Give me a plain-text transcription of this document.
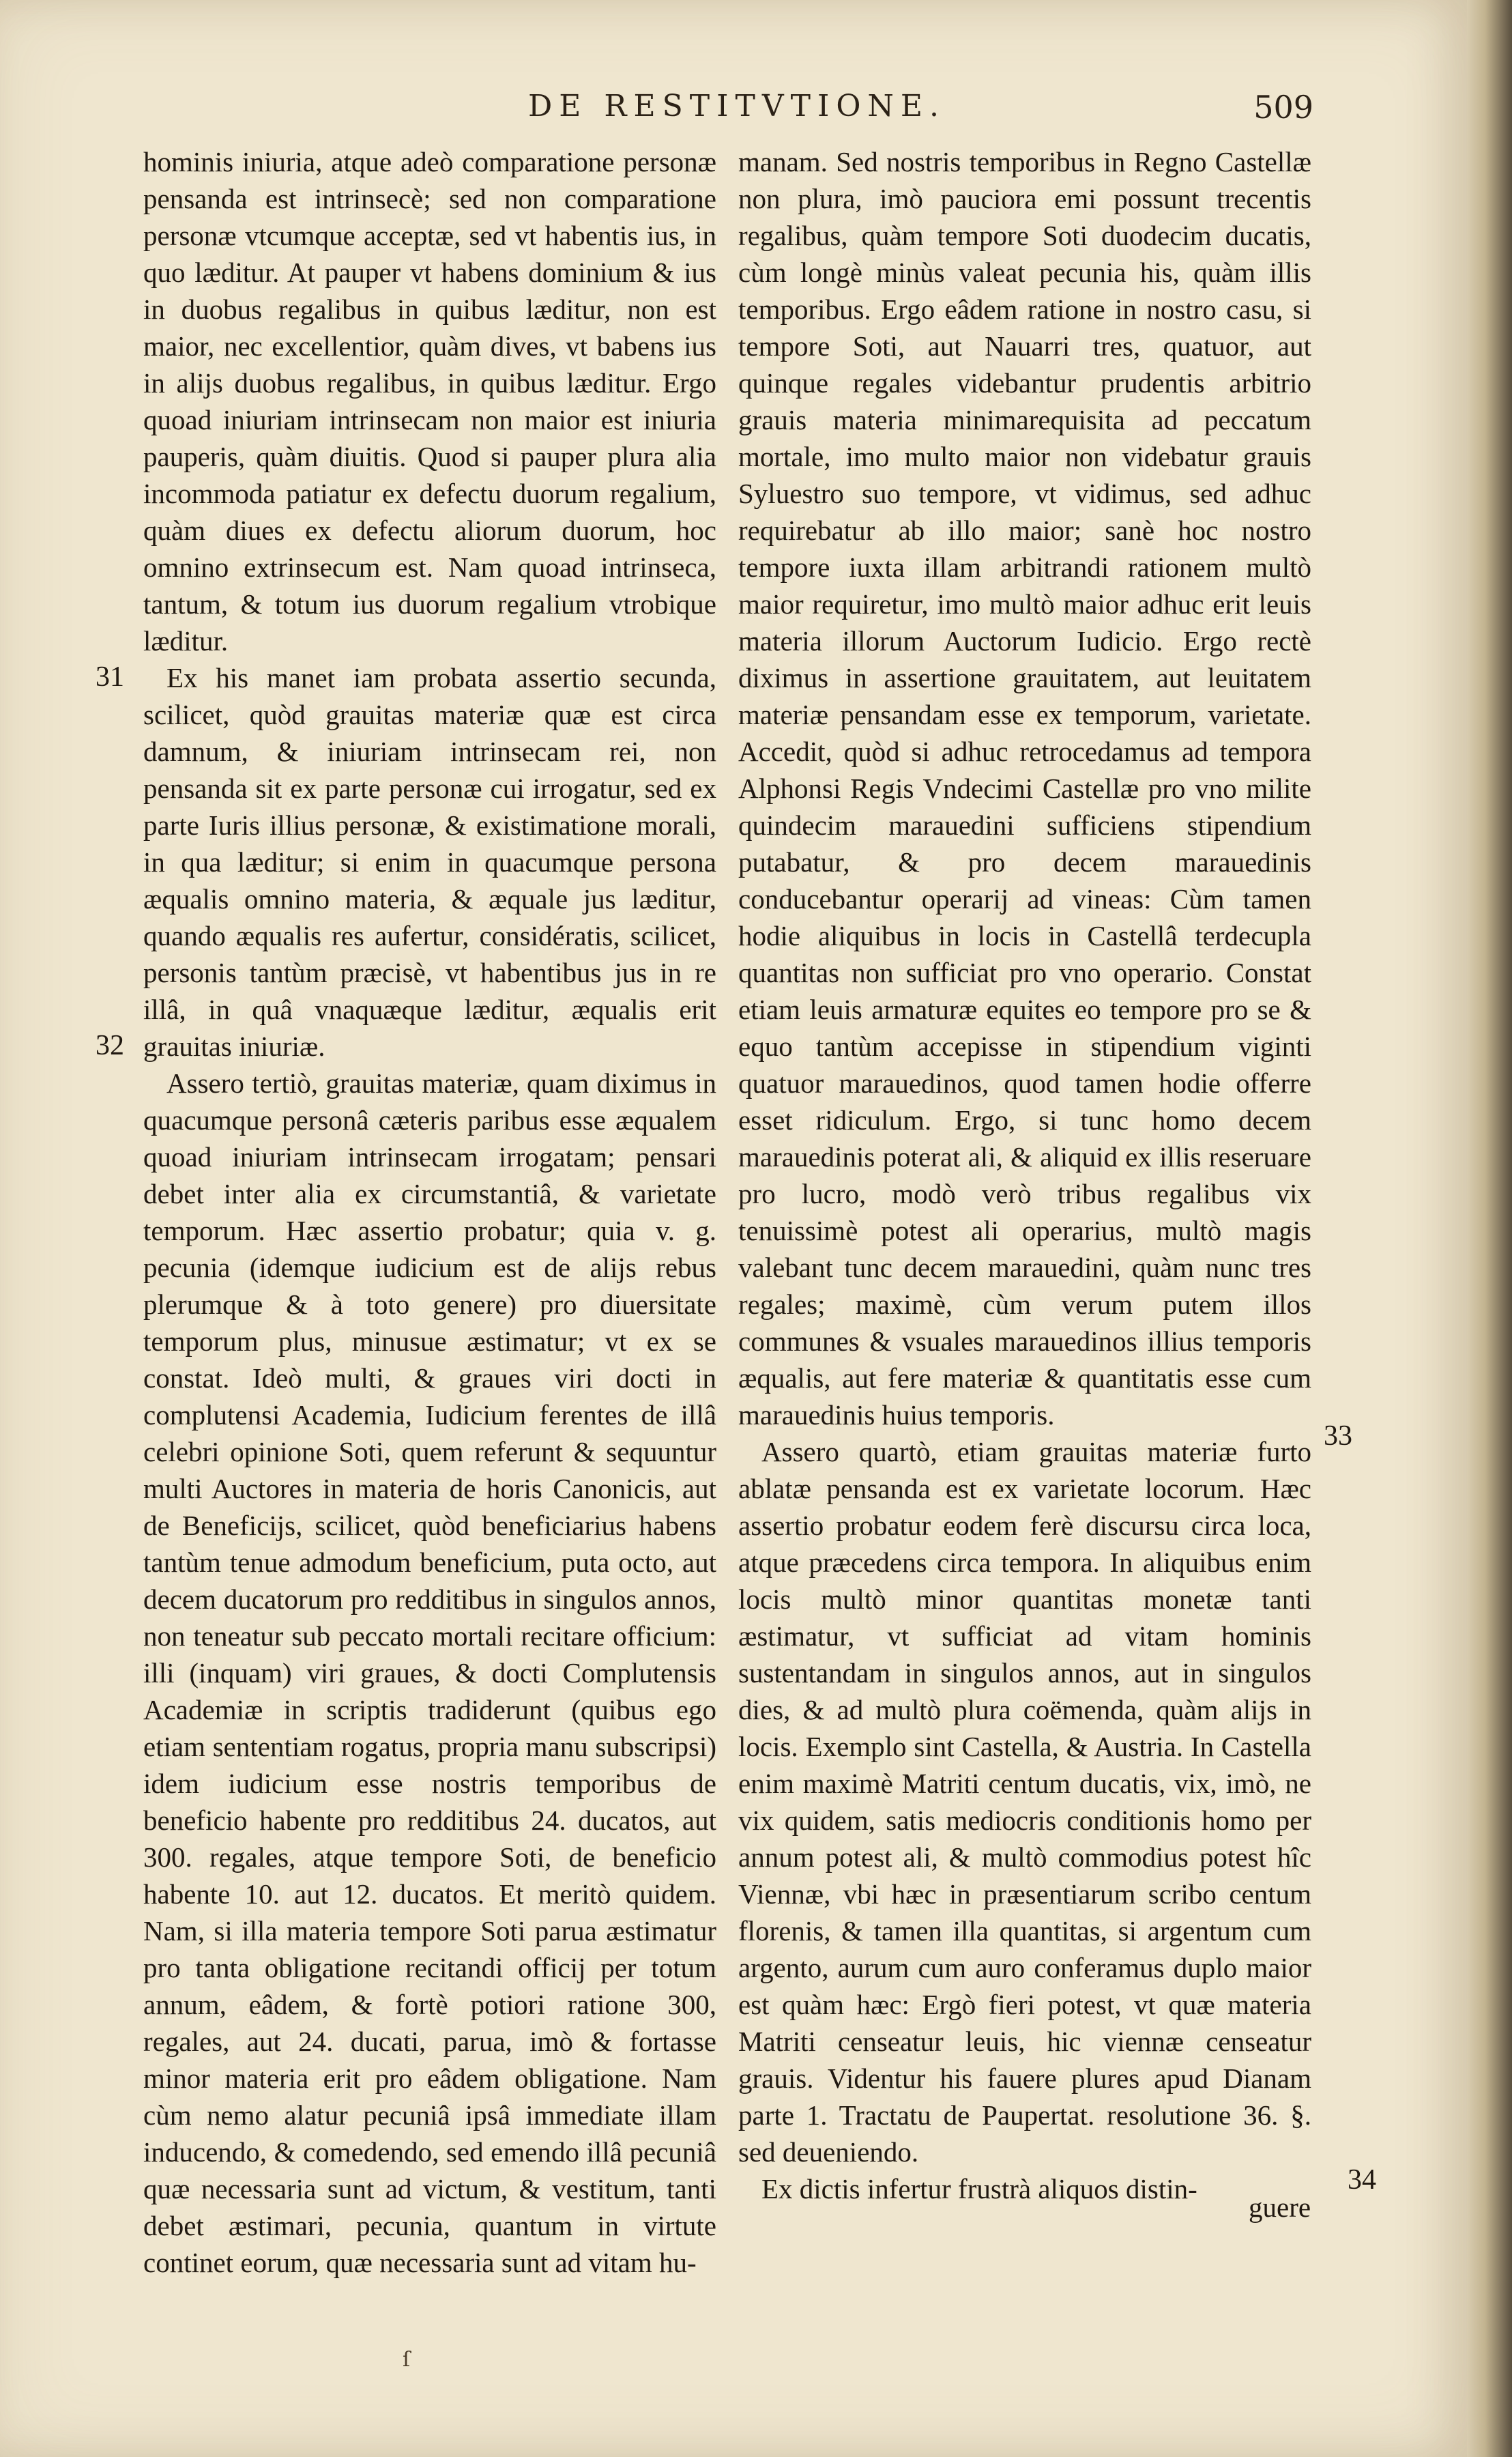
DE RESTITVTIONE.	509

hominis iniuria, atque adeò comparatione personæ pensanda est intrinsecè; sed non comparatione personæ vtcumque acceptæ, sed vt habentis ius, in quo læditur. At pauper vt habens dominium & ius in duobus regalibus in quibus læditur, non est maior, nec excellentior, quàm dives, vt babens ius in alijs duobus regalibus, in quibus læditur. Ergo quoad iniuriam intrinsecam non maior est iniuria pauperis, quàm diuitis. Quod si pauper plura alia incommoda patiatur ex defectu duorum regalium, quàm diues ex defectu aliorum duorum, hoc omnino extrinsecum est. Nam quoad intrinseca, tantum, & totum ius duorum regalium vtrobique læditur.

Ex his manet iam probata assertio secunda, scilicet, quòd grauitas materiæ quæ est circa damnum, & iniuriam intrinsecam rei, non pensanda sit ex parte personæ cui irrogatur, sed ex parte Iuris illius personæ, & existimatione morali, in qua læditur; si enim in quacumque persona æqualis omnino materia, & æquale jus læditur, quando æqualis res aufertur, considératis, scilicet, personis tantùm præcisè, vt habentibus jus in re illâ, in quâ vnaquæque læditur, æqualis erit grauitas iniuriæ.

Assero tertiò, grauitas materiæ, quam diximus in quacumque personâ cæteris paribus esse æqualem quoad iniuriam intrinsecam irrogatam; pensari debet inter alia ex circumstantiâ, & varietate temporum. Hæc assertio probatur; quia v. g. pecunia (idemque iudicium est de alijs rebus plerumque & à toto genere) pro diuersitate temporum plus, minusue æstimatur; vt ex se constat. Ideò multi, & graues viri docti in complutensi Academia, Iudicium ferentes de illâ celebri opinione Soti, quem referunt & sequuntur multi Auctores in materia de horis Canonicis, aut de Beneficijs, scilicet, quòd beneficiarius habens tantùm tenue admodum beneficium, puta octo, aut decem ducatorum pro redditibus in singulos annos, non teneatur sub peccato mortali recitare officium: illi (inquam) viri graues, & docti Complutensis Academiæ in scriptis tradiderunt (quibus ego etiam sententiam rogatus, propria manu subscripsi) idem iudicium esse nostris temporibus de beneficio habente pro redditibus 24. ducatos, aut 300. regales, atque tempore Soti, de beneficio habente 10. aut 12. ducatos. Et meritò quidem. Nam, si illa materia tempore Soti parua æstimatur pro tanta obligatione recitandi officij per totum annum, eâdem, & fortè potiori ratione 300, regales, aut 24. ducati, parua, imò & fortasse minor materia erit pro eâdem obligatione. Nam cùm nemo alatur pecuniâ ipsâ immediate illam inducendo, & comedendo, sed emendo illâ pecuniâ quæ necessaria sunt ad victum, & vestitum, tanti debet æstimari, pecunia, quantum in virtute continet eorum, quæ necessaria sunt ad vitam hu-

31
32

manam. Sed nostris temporibus in Regno Castellæ non plura, imò pauciora emi possunt trecentis regalibus, quàm tempore Soti duodecim ducatis, cùm longè minùs valeat pecunia his, quàm illis temporibus. Ergo eâdem ratione in nostro casu, si tempore Soti, aut Nauarri tres, quatuor, aut quinque regales videbantur prudentis arbitrio grauis materia minimarequisita ad peccatum mortale, imo multo maior non videbatur grauis Syluestro suo tempore, vt vidimus, sed adhuc requirebatur ab illo maior; sanè hoc nostro tempore iuxta illam arbitrandi rationem multò maior requiretur, imo multò maior adhuc erit leuis materia illorum Auctorum Iudicio. Ergo rectè diximus in assertione grauitatem, aut leuitatem materiæ pensandam esse ex temporum, varietate. Accedit, quòd si adhuc retrocedamus ad tempora Alphonsi Regis Vndecimi Castellæ pro vno milite quindecim marauedini sufficiens stipendium putabatur, & pro decem marauedinis conducebantur operarij ad vineas: Cùm tamen hodie aliquibus in locis in Castellâ terdecupla quantitas non sufficiat pro vno operario. Constat etiam leuis armaturæ equites eo tempore pro se & equo tantùm accepisse in stipendium viginti quatuor marauedinos, quod tamen hodie offerre esset ridiculum. Ergo, si tunc homo decem marauedinis poterat ali, & aliquid ex illis reseruare pro lucro, modò verò tribus regalibus vix tenuissimè potest ali operarius, multò magis valebant tunc decem marauedini, quàm nunc tres regales; maximè, cùm verum putem illos communes & vsuales marauedinos illius temporis æqualis, aut fere materiæ & quantitatis esse cum marauedinis huius temporis.

Assero quartò, etiam grauitas materiæ furto ablatæ pensanda est ex varietate locorum. Hæc assertio probatur eodem ferè discursu circa loca, atque præcedens circa tempora. In aliquibus enim locis multò minor quantitas monetæ tanti æstimatur, vt sufficiat ad vitam hominis sustentandam in singulos annos, aut in singulos dies, & ad multò plura coëmenda, quàm alijs in locis. Exemplo sint Castella, & Austria. In Castella enim maximè Matriti centum ducatis, vix, imò, ne vix quidem, satis mediocris conditionis homo per annum potest ali, & multò commodius potest hîc Viennæ, vbi hæc in præsentiarum scribo centum florenis, & tamen illa quantitas, si argentum cum argento, aurum cum auro conferamus duplo maior est quàm hæc: Ergò fieri potest, vt quæ materia Matriti censeatur leuis, hic viennæ censeatur grauis. Videntur his fauere plures apud Dianam parte 1. Tractatu de Paupertat. resolutione 36. §. sed deueniendo.

Ex dictis infertur frustrà aliquos distin-

33
34
guere
ſ
